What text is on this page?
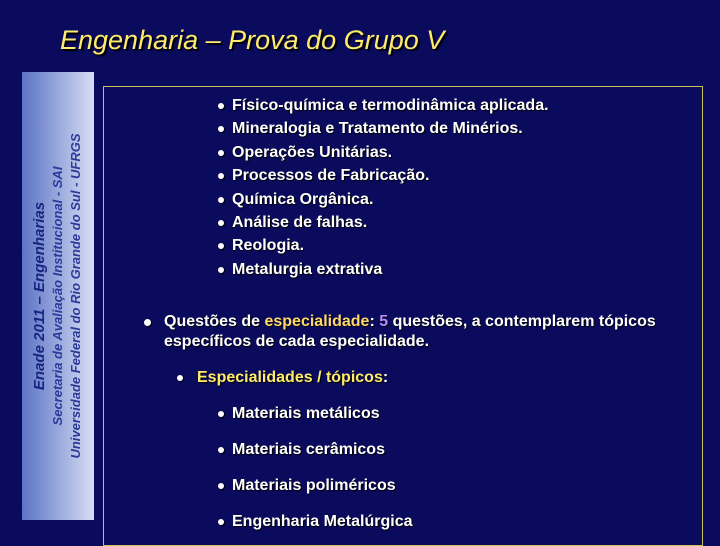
Engenharia – Prova do Grupo V
Enade 2011 – Engenharias Secretaria de Avaliação Institucional - SAI Universidade Federal do Rio Grande do Sul - UFRGS
Físico-química e termodinâmica aplicada.
Mineralogia e Tratamento de Minérios.
Operações Unitárias.
Processos de Fabricação.
Química Orgânica.
Análise de falhas.
Reologia.
Metalurgia extrativa
Questões de especialidade: 5 questões, a contemplarem tópicos específicos de cada especialidade.
Especialidades / tópicos:
Materiais metálicos
Materiais cerâmicos
Materiais poliméricos
Engenharia Metalúrgica
